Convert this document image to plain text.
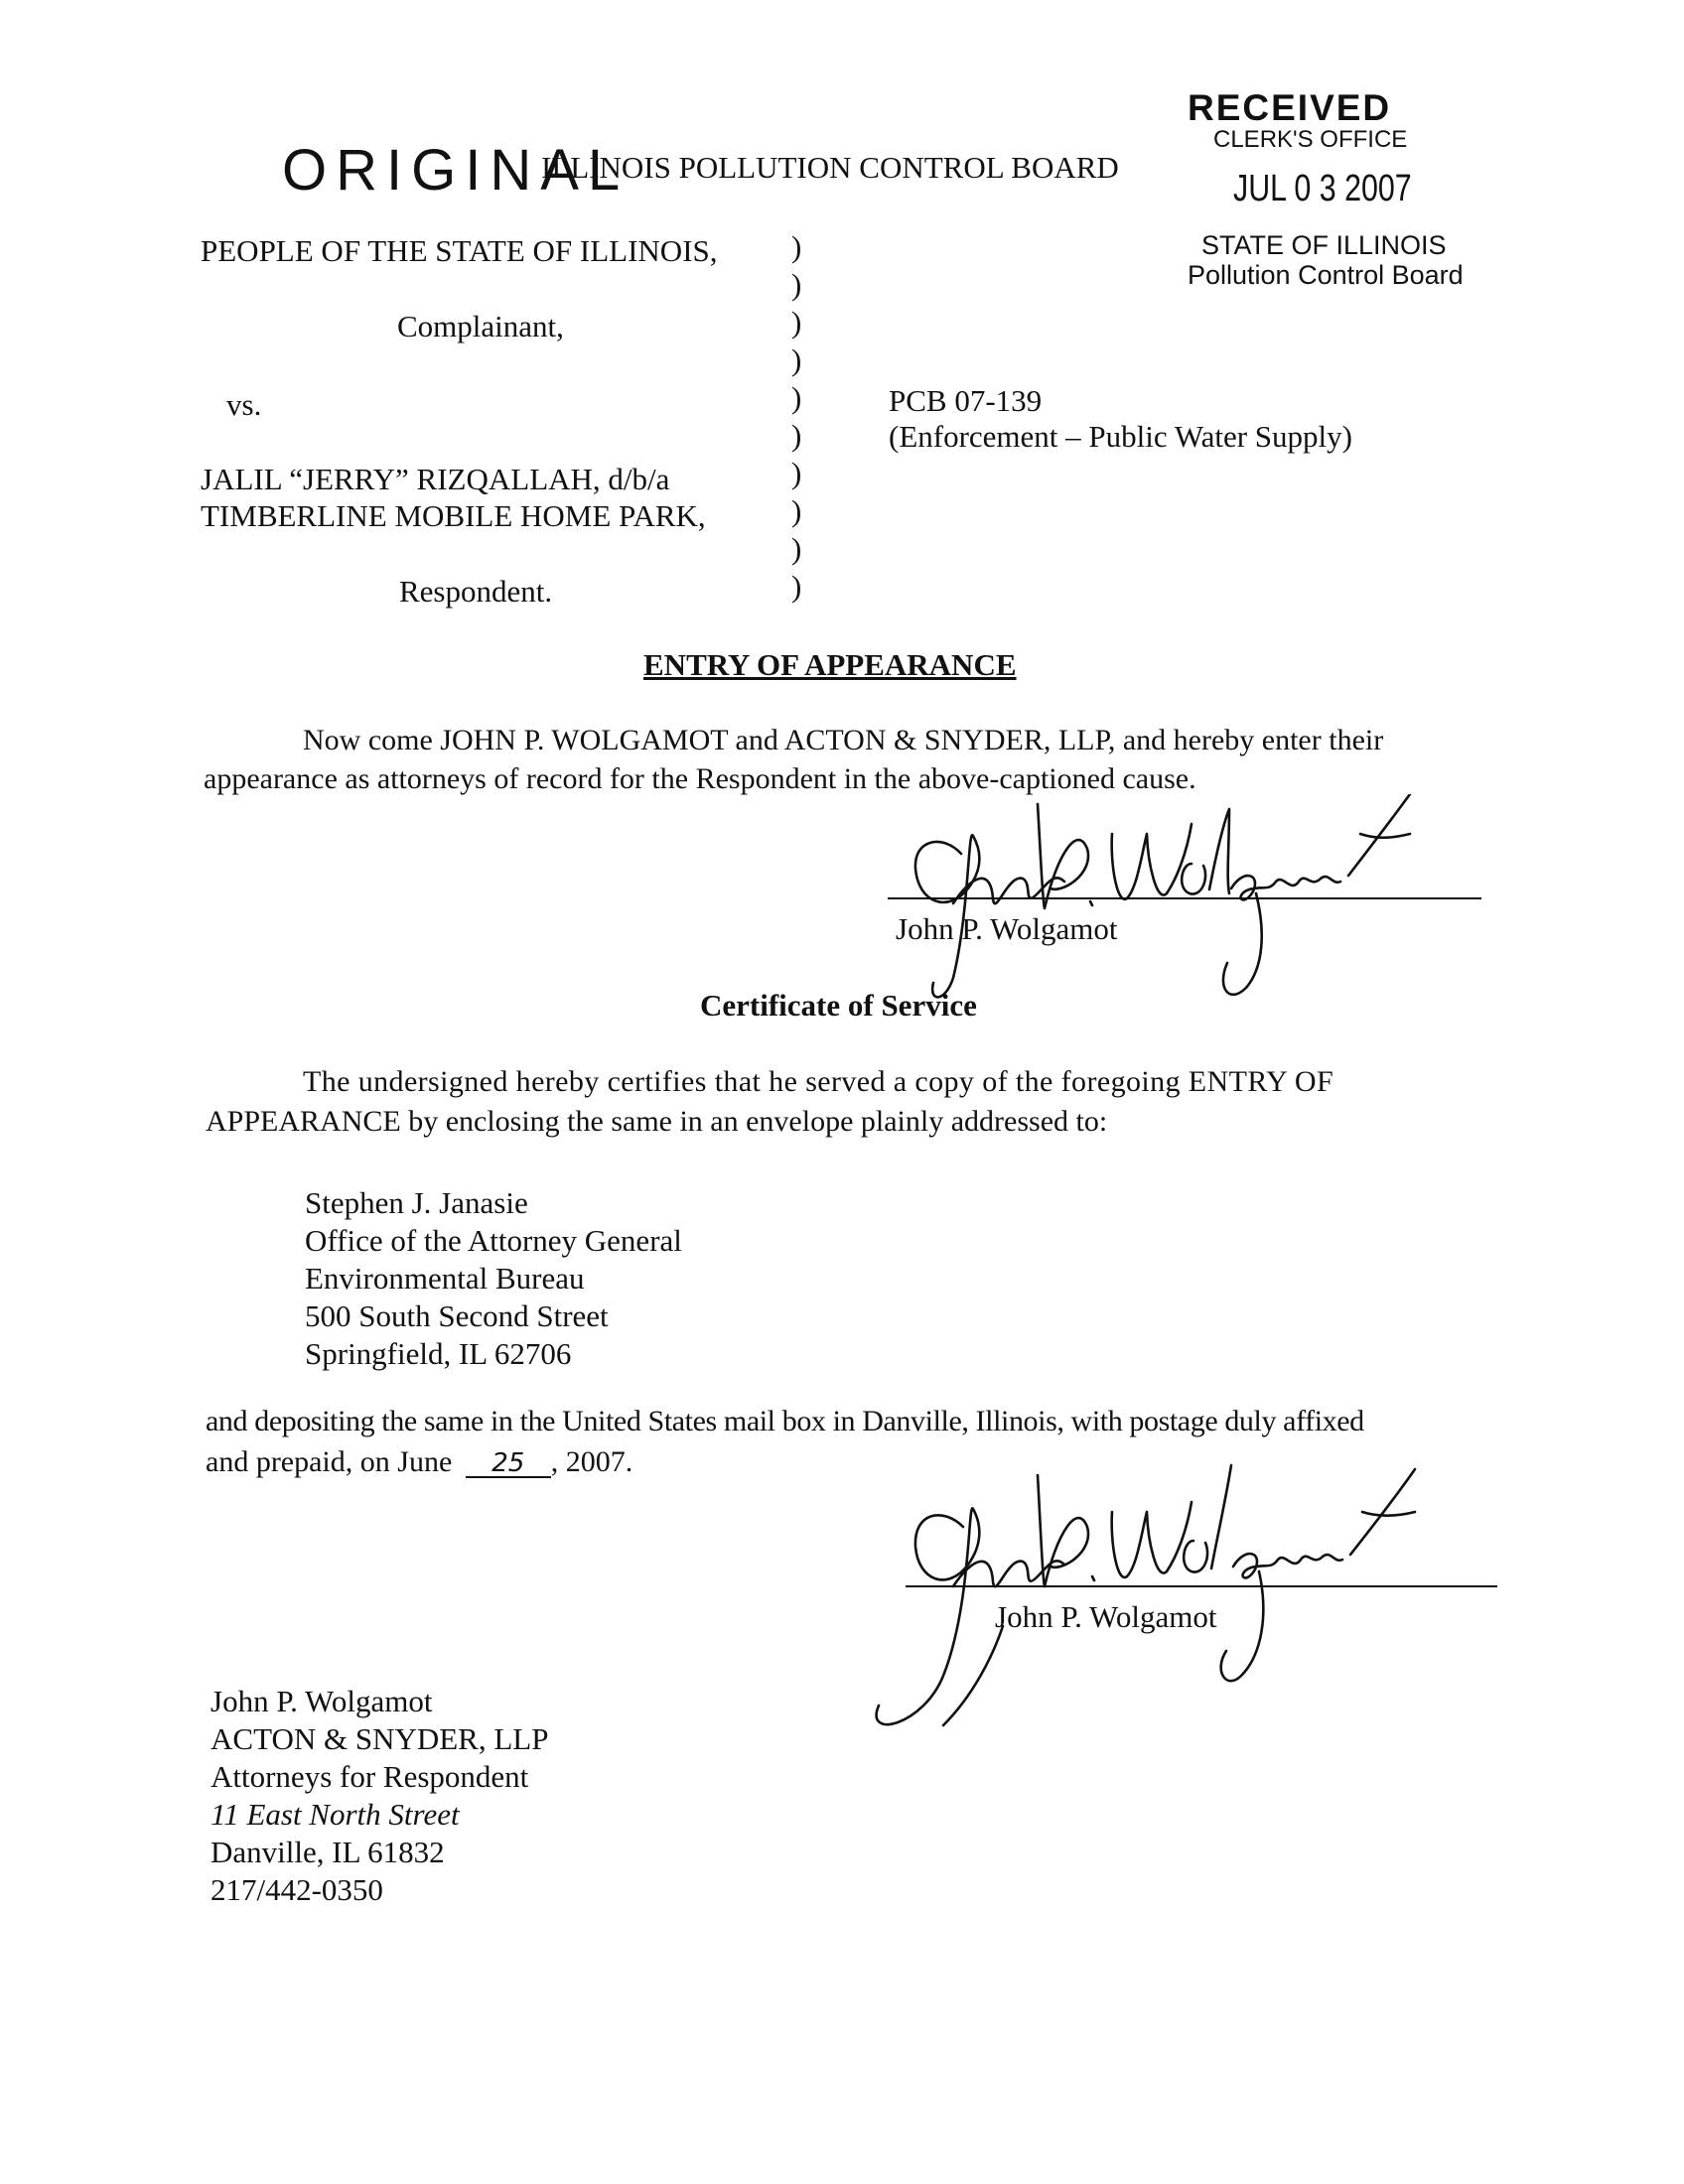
RECEIVED
CLERK'S OFFICE
JUL 0 3 2007
STATE OF ILLINOIS
Pollution Control Board
ORIGINAL
ILLINOIS POLLUTION CONTROL BOARD
PEOPLE OF THE STATE OF ILLINOIS,
Complainant,
vs.
JALIL “JERRY” RIZQALLAH, d/b/a
TIMBERLINE MOBILE HOME PARK,
Respondent.
)
)
)
)
)
)
)
)
)
)
PCB 07-139
(Enforcement – Public Water Supply)
ENTRY OF APPEARANCE
Now come JOHN P. WOLGAMOT and ACTON & SNYDER, LLP, and hereby enter their
appearance as attorneys of record for the Respondent in the above-captioned cause.
John P. Wolgamot
Certificate of Service
The undersigned hereby certifies that he served a copy of the foregoing ENTRY OF
APPEARANCE by enclosing the same in an envelope plainly addressed to:
Stephen J. Janasie
Office of the Attorney General
Environmental Bureau
500 South Second Street
Springfield, IL 62706
and depositing the same in the United States mail box in Danville, Illinois, with postage duly affixed
and prepaid, on June 25 , 2007.
John P. Wolgamot
John P. Wolgamot
ACTON & SNYDER, LLP
Attorneys for Respondent
11 East North Street
Danville, IL 61832
217/442-0350
